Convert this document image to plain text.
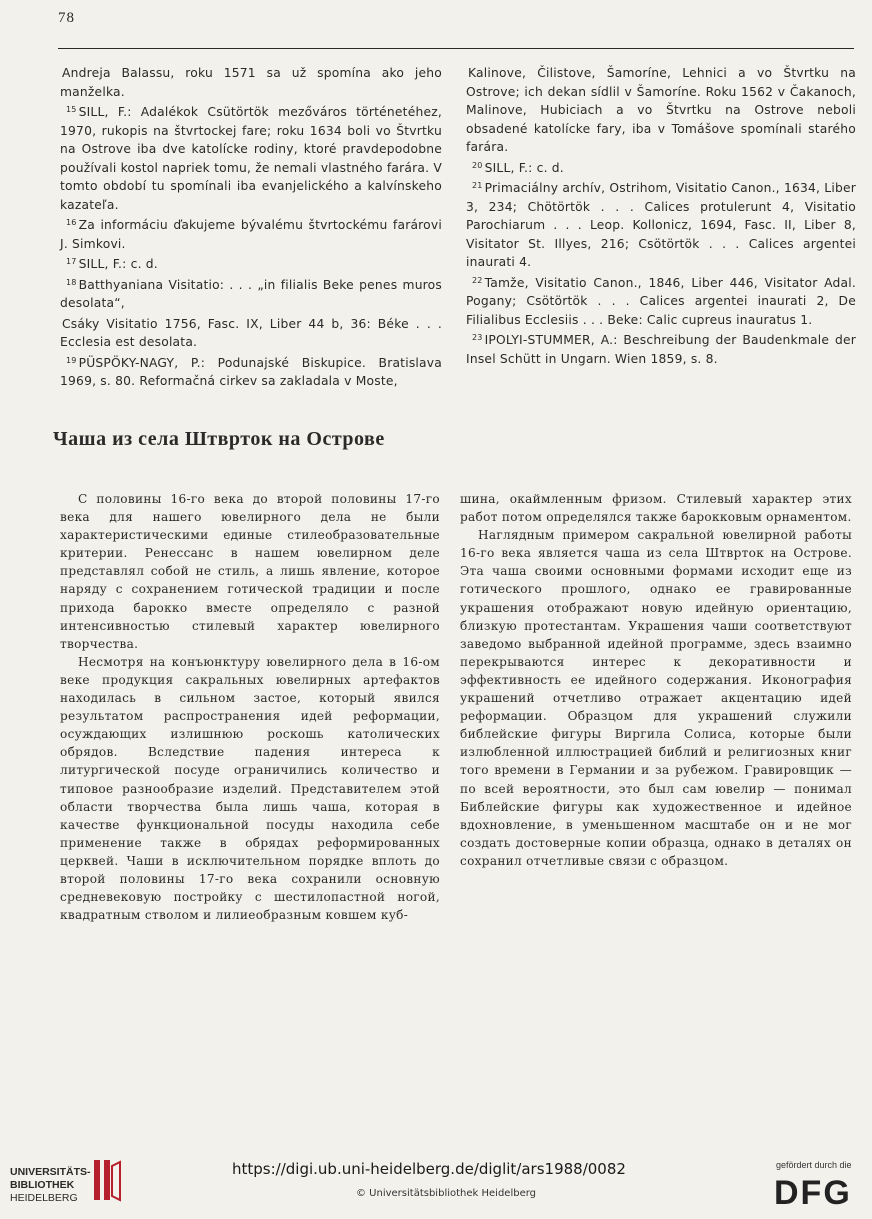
78

Andreja Balassu, roku 1571 sa už spomína ako jeho manželka.

$^{15}$ SILL, F.: Adalékok Csütörtök mezőváros történetéhez, 1970, rukopis na štvrtockej fare; roku 1634 boli vo Štvrtku na Ostrove iba dve katolícke rodiny, ktoré pravdepodobne používali kostol napriek tomu, že nemali vlastného farára. V tomto období tu spomínali iba evanjelického a kalvínskeho kazateľa.

$^{16}$ Za informáciu ďakujeme bývalému štvrtockému farárovi J. Simkovi.

$^{17}$ SILL, F.: c. d.

$^{18}$ Batthyaniana Visitatio: . . . „in filialis Beke penes muros desolata“,

Csáky Visitatio 1756, Fasc. IX, Liber 44 b, 36: Béke . . . Ecclesia est desolata.

$^{19}$ PÜSPÖKY-NAGY, P.: Podunajské Biskupice. Bratislava 1969, s. 80. Reformačná cirkev sa zakladala v Moste,

Kalinove, Čilistove, Šamoríne, Lehnici a vo Štvrtku na Ostrove; ich dekan sídlil v Šamoríne. Roku 1562 v Čakanoch, Malinove, Hubiciach a vo Štvrtku na Ostrove neboli obsadené katolícke fary, iba v Tomášove spomínali starého farára.

$^{20}$ SILL, F.: c. d.

$^{21}$ Primaciálny archív, Ostrihom, Visitatio Canon., 1634, Liber 3, 234; Chötörtök . . . Calices protulerunt 4, Visitatio Parochiarum . . . Leop. Kollonicz, 1694, Fasc. II, Liber 8, Visitator St. Illyes, 216; Csötörtök . . . Calices argentei inaurati 4.

$^{22}$ Tamže, Visitatio Canon., 1846, Liber 446, Visitator Adal. Pogany; Csötörtök . . . Calices argentei inaurati 2, De Filialibus Ecclesiis . . . Beke: Calic cupreus inauratus 1.

$^{23}$ IPOLYI-STUMMER, A.: Beschreibung der Baudenkmale der Insel Schütt in Ungarn. Wien 1859, s. 8.

Чаша из села Штврток на Острове

С половины 16-го века до второй половины 17-го века для нашего ювелирного дела не были характеристическими единые стилеобразовательные критерии. Ренессанс в нашем ювелирном деле представлял собой не стиль, а лишь явление, которое наряду с сохранением готической традиции и после прихода барокко вместе определяло с разной интенсивностью стилевый характер ювелирного творчества.

Несмотря на конъюнктуру ювелирного дела в 16-ом веке продукция сакральных ювелирных артефактов находилась в сильном застое, который явился результатом распространения идей реформации, осуждающих излишнюю роскошь католических обрядов. Вследствие падения интереса к литургической посуде ограничились количество и типовое разнообразие изделий. Представителем этой области творчества была лишь чаша, которая в качестве функциональной посуды находила себе применение также в обрядах реформированных церквей. Чаши в исключительном порядке вплоть до второй половины 17-го века сохранили основную средневековую постройку с шестилопастной ногой, квадратным стволом и лилиеобразным ковшем куб-

шина, окаймленным фризом. Стилевый характер этих работ потом определялся также барокковым орнаментом.

Наглядным примером сакральной ювелирной работы 16-го века является чаша из села Штврток на Острове. Эта чаша своими основными формами исходит еще из готического прошлого, однако ее гравированные украшения отображают новую идейную ориентацию, близкую протестантам. Украшения чаши соответствуют заведомо выбранной идейной программе, здесь взаимно перекрываются интерес к декоративности и эффективность ее идейного содержания. Иконография украшений отчетливо отражает акцентацию идей реформации. Образцом для украшений служили библейские фигуры Виргила Солиса, которые были излюбленной иллюстрацией библий и религиозных книг того времени в Германии и за рубежом. Гравировщик — по всей вероятности, это был сам ювелир — понимал Библейские фигуры как художественное и идейное вдохновление, в уменьшенном масштабе он и не мог создать достоверные копии образца, однако в деталях он сохранил отчетливые связи с образцом.

UNIVERSITÄTS-
BIBLIOTHEK
HEIDELBERG
https://digi.ub.uni-heidelberg.de/diglit/ars1988/0082
© Universitätsbibliothek Heidelberg
gefördert durch die
DFG
